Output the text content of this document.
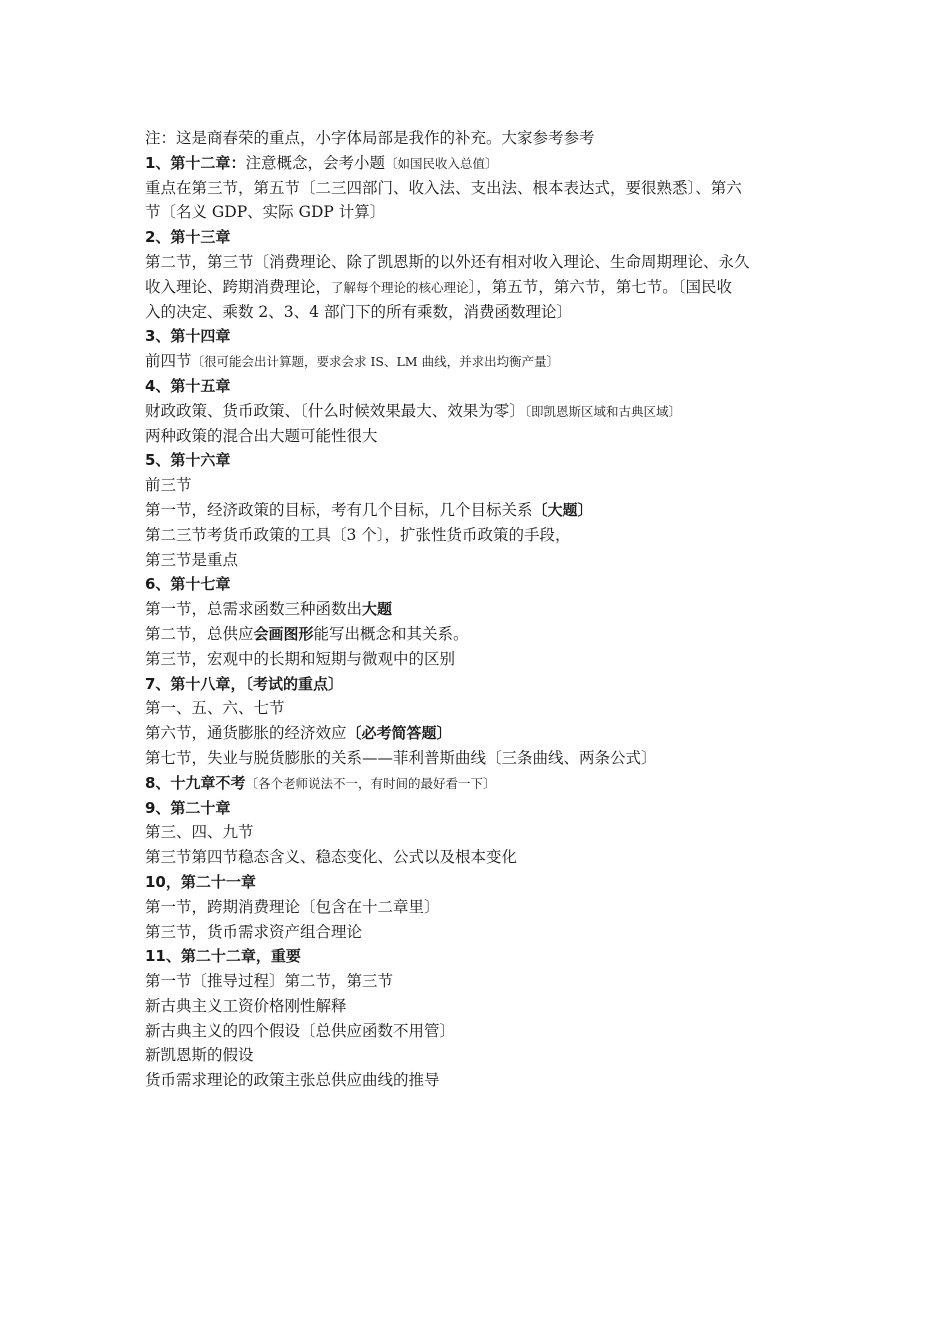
注：这是商春荣的重点，小字体局部是我作的补充。大家参考参考
1、第十二章：注意概念，会考小题〔如国民收入总值〕
重点在第三节，第五节〔二三四部门、收入法、支出法、根本表达式，要很熟悉〕、第六
节〔名义 GDP、实际 GDP 计算〕
2、第十三章
第二节，第三节〔消费理论、除了凯恩斯的以外还有相对收入理论、生命周期理论、永久
收入理论、跨期消费理论，了解每个理论的核心理论〕，第五节，第六节，第七节。〔国民收
入的决定、乘数 2、3、4 部门下的所有乘数，消费函数理论〕
3、第十四章
前四节〔很可能会出计算题，要求会求 IS、LM 曲线，并求出均衡产量〕
4、第十五章
财政政策、货币政策、〔什么时候效果最大、效果为零〕〔即凯恩斯区域和古典区域〕
两种政策的混合出大题可能性很大
5、第十六章
前三节
第一节，经济政策的目标，考有几个目标，几个目标关系〔大题〕
第二三节考货币政策的工具〔3 个〕，扩张性货币政策的手段，
第三节是重点
6、第十七章
第一节，总需求函数三种函数出大题
第二节，总供应会画图形能写出概念和其关系。
第三节，宏观中的长期和短期与微观中的区别
7、第十八章，〔考试的重点〕
第一、五、六、七节
第六节，通货膨胀的经济效应〔必考简答题〕
第七节，失业与脱货膨胀的关系——菲利普斯曲线〔三条曲线、两条公式〕
8、十九章不考〔各个老师说法不一，有时间的最好看一下〕
9、第二十章
第三、四、九节
第三节第四节稳态含义、稳态变化、公式以及根本变化
10，第二十一章
第一节，跨期消费理论〔包含在十二章里〕
第三节，货币需求资产组合理论
11、第二十二章，重要
第一节〔推导过程〕第二节，第三节
新古典主义工资价格刚性解释
新古典主义的四个假设〔总供应函数不用管〕
新凯恩斯的假设
货币需求理论的政策主张总供应曲线的推导
